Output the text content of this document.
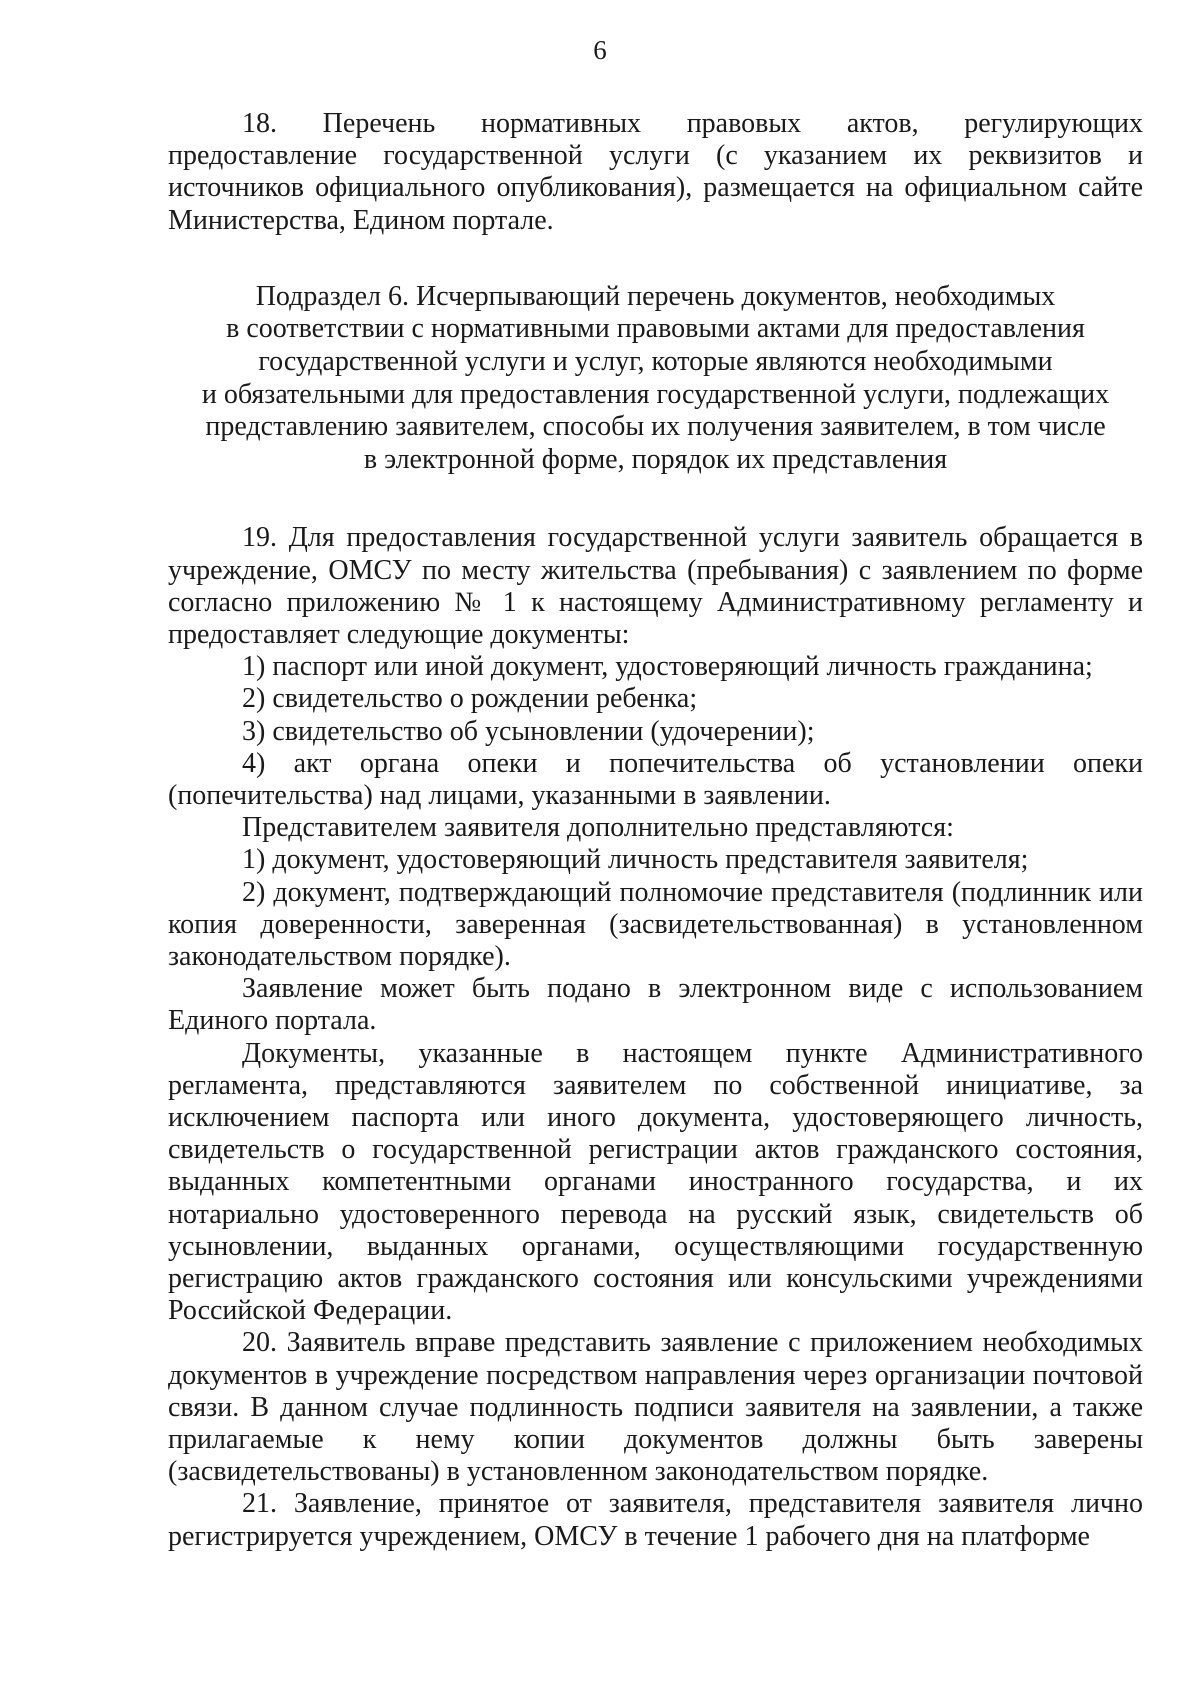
6

18. Перечень нормативных правовых актов, регулирующих предоставление государственной услуги (с указанием их реквизитов и источников официального опубликования), размещается на официальном сайте Министерства, Едином портале.

Подраздел 6. Исчерпывающий перечень документов, необходимых
в соответствии с нормативными правовыми актами для предоставления
государственной услуги и услуг, которые являются необходимыми
и обязательными для предоставления государственной услуги, подлежащих
представлению заявителем, способы их получения заявителем, в том числе
в электронной форме, порядок их представления

19. Для предоставления государственной услуги заявитель обращается в учреждение, ОМСУ по месту жительства (пребывания) с заявлением по форме согласно приложению № 1 к настоящему Административному регламенту и предоставляет следующие документы:

1) паспорт или иной документ, удостоверяющий личность гражданина;

2) свидетельство о рождении ребенка;

3) свидетельство об усыновлении (удочерении);

4) акт органа опеки и попечительства об установлении опеки (попечительства) над лицами, указанными в заявлении.

Представителем заявителя дополнительно представляются:

1) документ, удостоверяющий личность представителя заявителя;

2) документ, подтверждающий полномочие представителя (подлинник или копия доверенности, заверенная (засвидетельствованная) в установленном законодательством порядке).

Заявление может быть подано в электронном виде с использованием Единого портала.

Документы, указанные в настоящем пункте Административного регламента, представляются заявителем по собственной инициативе, за исключением паспорта или иного документа, удостоверяющего личность, свидетельств о государственной регистрации актов гражданского состояния, выданных компетентными органами иностранного государства, и их нотариально удостоверенного перевода на русский язык, свидетельств об усыновлении, выданных органами, осуществляющими государственную регистрацию актов гражданского состояния или консульскими учреждениями Российской Федерации.

20. Заявитель вправе представить заявление с приложением необходимых документов в учреждение посредством направления через организации почтовой связи. В данном случае подлинность подписи заявителя на заявлении, а также прилагаемые к нему копии документов должны быть заверены (засвидетельствованы) в установленном законодательством порядке.

21. Заявление, принятое от заявителя, представителя заявителя лично регистрируется учреждением, ОМСУ в течение 1 рабочего дня на платформе
